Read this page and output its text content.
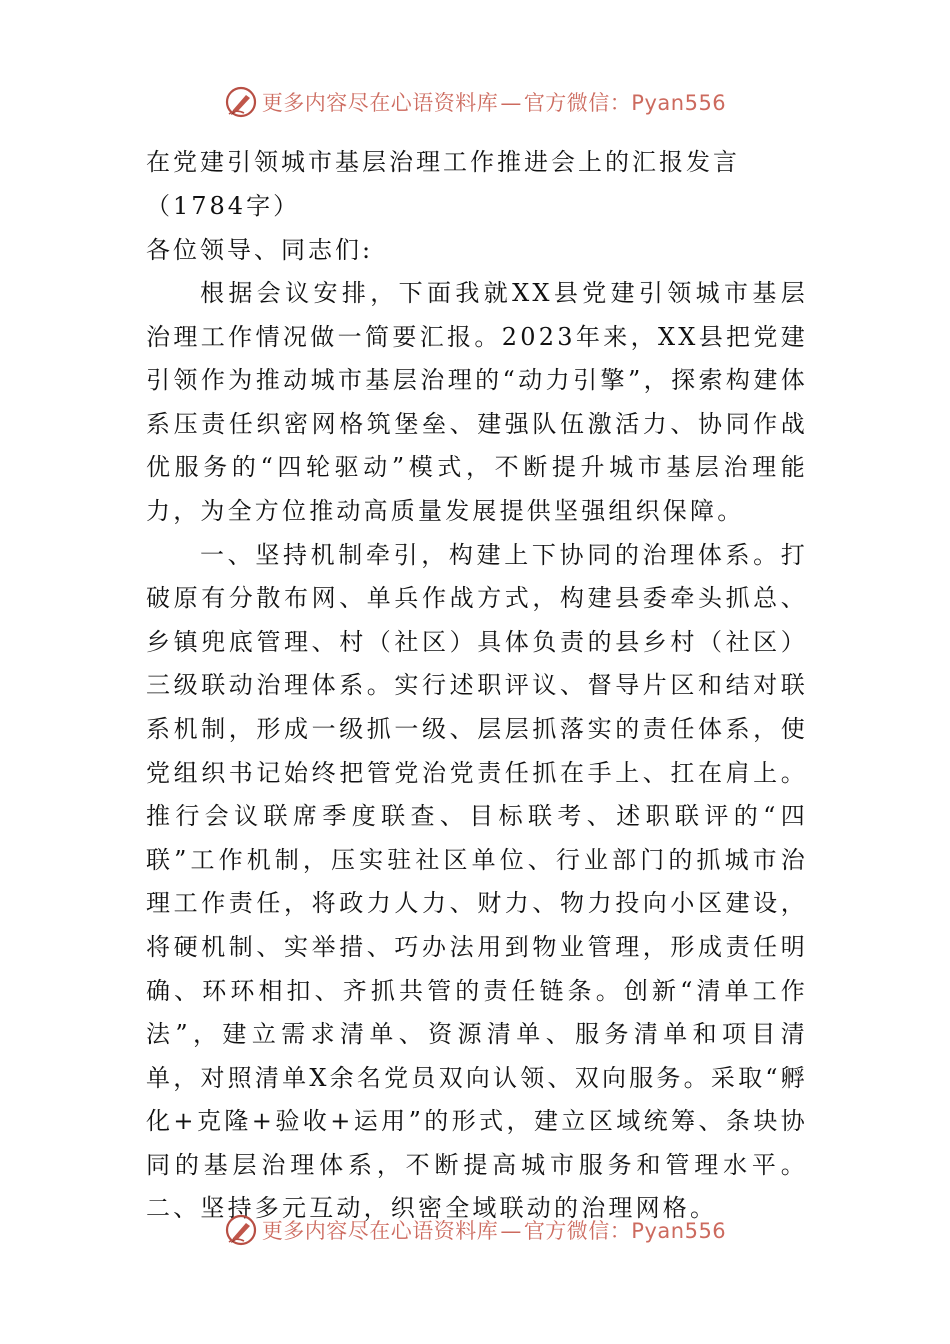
更多内容尽在心语资料库—官方微信：Pyan556

在党建引领城市基层治理工作推进会上的汇报发言（1784字）

各位领导、同志们:

根据会议安排，下面我就XX县党建引领城市基层治理工作情况做一简要汇报。2023年来，XX县把党建引领作为推动城市基层治理的“动力引擎”，探索构建体系压责任织密网格筑堡垒、建强队伍激活力、协同作战优服务的“四轮驱动”模式，不断提升城市基层治理能力，为全方位推动高质量发展提供坚强组织保障。

一、坚持机制牵引，构建上下协同的治理体系。打破原有分散布网、单兵作战方式，构建县委牵头抓总、乡镇兜底管理、村（社区）具体负责的县乡村（社区）三级联动治理体系。实行述职评议、督导片区和结对联系机制，形成一级抓一级、层层抓落实的责任体系，使党组织书记始终把管党治党责任抓在手上、扛在肩上。推行会议联席季度联查、目标联考、述职联评的“四联”工作机制，压实驻社区单位、行业部门的抓城市治理工作责任，将政力人力、财力、物力投向小区建设，将硬机制、实举措、巧办法用到物业管理，形成责任明确、环环相扣、齐抓共管的责任链条。创新“清单工作法”，建立需求清单、资源清单、服务清单和项目清单，对照清单X余名党员双向认领、双向服务。采取“孵化+克隆+验收+运用”的形式，建立区域统筹、条块协同的基层治理体系，不断提高城市服务和管理水平。二、坚持多元互动，织密全域联动的治理网格。

更多内容尽在心语资料库—官方微信：Pyan556
